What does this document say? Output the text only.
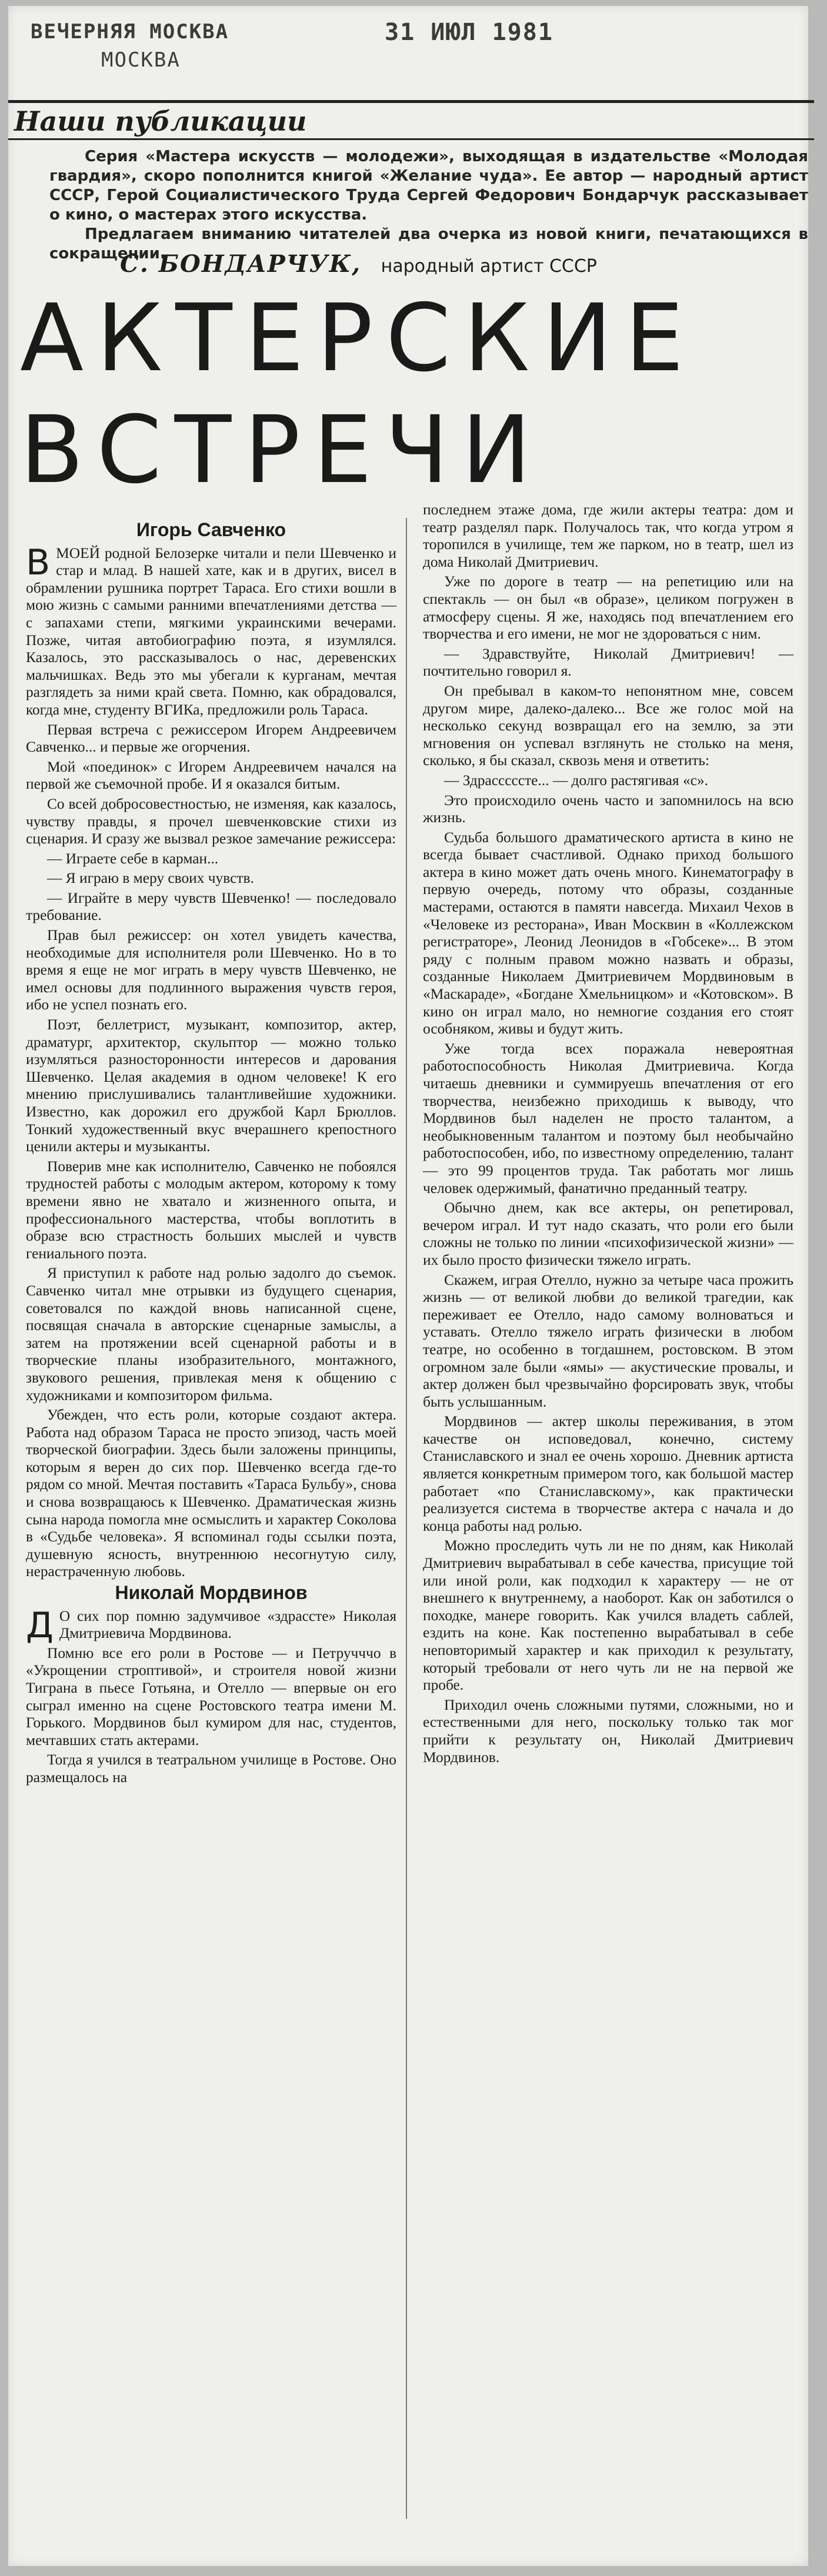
ВЕЧЕРНЯЯ МОСКВА
МОСКВА
31 ИЮЛ 1981
Наши публикации

Серия «Мастера искусств — молодежи», выходящая в издательстве «Молодая гвардия», скоро пополнится книгой «Желание чуда». Ее автор — народный артист СССР, Герой Социалистического Труда Сергей Федорович Бондарчук рассказывает о кино, о мастерах этого искусства.

Предлагаем вниманию читателей два очерка из новой книги, печатающихся в сокращении.

С. БОНДАРЧУК, народный артист СССР
АКТЕРСКИЕ
ВСТРЕЧИ
Игорь Савченко

ВМОЕЙ родной Белозерке читали и пели Шевченко и стар и млад. В нашей хате, как и в других, висел в обрамлении рушника портрет Тараса. Его стихи вошли в мою жизнь с самыми ранними впечатлениями детства — с запахами степи, мягкими украинскими вечерами. Позже, читая автобиографию поэта, я изумлялся. Казалось, это рассказывалось о нас, деревенских мальчишках. Ведь это мы убегали к курганам, мечтая разглядеть за ними край света. Помню, как обрадовался, когда мне, студенту ВГИКа, предложили роль Тараса.

Первая встреча с режиссером Игорем Андреевичем Савченко... и первые же огорчения.

Мой «поединок» с Игорем Андреевичем начался на первой же съемочной пробе. И я оказался битым.

Со всей добросовестностью, не изменяя, как казалось, чувству правды, я прочел шевченковские стихи из сценария. И сразу же вызвал резкое замечание режиссера:

— Играете себе в карман...

— Я играю в меру своих чувств.

— Играйте в меру чувств Шевченко! — последовало требование.

Прав был режиссер: он хотел увидеть качества, необходимые для исполнителя роли Шевченко. Но в то время я еще не мог играть в меру чувств Шевченко, не имел основы для подлинного выражения чувств героя, ибо не успел познать его.

Поэт, беллетрист, музыкант, композитор, актер, драматург, архитектор, скульптор — можно только изумляться разносторонности интересов и дарования Шевченко. Целая академия в одном человеке! К его мнению прислушивались талантливейшие художники. Известно, как дорожил его дружбой Карл Брюллов. Тонкий художественный вкус вчерашнего крепостного ценили актеры и музыканты.

Поверив мне как исполнителю, Савченко не побоялся трудностей работы с молодым актером, которому к тому времени явно не хватало и жизненного опыта, и профессионального мастерства, чтобы воплотить в образе всю страстность больших мыслей и чувств гениального поэта.

Я приступил к работе над ролью задолго до съемок. Савченко читал мне отрывки из будущего сценария, советовался по каждой вновь написанной сцене, посвящая сначала в авторские сценарные замыслы, а затем на протяжении всей сценарной работы и в творческие планы изобразительного, монтажного, звукового решения, привлекая меня к общению с художниками и композитором фильма.

Убежден, что есть роли, которые создают актера. Работа над образом Тараса не просто эпизод, часть моей творческой биографии. Здесь были заложены принципы, которым я верен до сих пор. Шевченко всегда где-то рядом со мной. Мечтая поставить «Тараса Бульбу», снова и снова возвращаюсь к Шевченко. Драматическая жизнь сына народа помогла мне осмыслить и характер Соколова в «Судьбе человека». Я вспоминал годы ссылки поэта, душевную ясность, внутреннюю несогнутую силу, нерастраченную любовь.

Николай Мордвинов

Д О сих пор помню задумчивое «здрассте» Николая Дмитриевича Мордвинова.

Помню все его роли в Ростове — и Петручччо в «Укрощении строптивой», и строителя новой жизни Тиграна в пьесе Готьяна, и Отелло — впервые он его сыграл именно на сцене Ростовского театра имени М. Горького. Мордвинов был кумиром для нас, студентов, мечтавших стать актерами.

Тогда я учился в театральном училище в Ростове. Оно размещалось на

последнем этаже дома, где жили актеры театра: дом и театр разделял парк. Получалось так, что когда утром я торопился в училище, тем же парком, но в театр, шел из дома Николай Дмитриевич.

Уже по дороге в театр — на репетицию или на спектакль — он был «в образе», целиком погружен в атмосферу сцены. Я же, находясь под впечатлением его творчества и его имени, не мог не здороваться с ним.

— Здравствуйте, Николай Дмитриевич! — почтительно говорил я.

Он пребывал в каком-то непонятном мне, совсем другом мире, далеко-далеко... Все же голос мой на несколько секунд возвращал его на землю, за эти мгновения он успевал взглянуть не столько на меня, сколько, я бы сказал, сквозь меня и ответить:

— Здрасссссте... — долго растягивая «с».

Это происходило очень часто и запомнилось на всю жизнь.

Судьба большого драматического артиста в кино не всегда бывает счастливой. Однако приход большого актера в кино может дать очень много. Кинематографу в первую очередь, потому что образы, созданные мастерами, остаются в памяти навсегда. Михаил Чехов в «Человеке из ресторана», Иван Москвин в «Коллежском регистраторе», Леонид Леонидов в «Гобсеке»... В этом ряду с полным правом можно назвать и образы, созданные Николаем Дмитриевичем Мордвиновым в «Маскараде», «Богдане Хмельницком» и «Котовском». В кино он играл мало, но немногие создания его стоят особняком, живы и будут жить.

Уже тогда всех поражала невероятная работоспособность Николая Дмитриевича. Когда читаешь дневники и суммируешь впечатления от его творчества, неизбежно приходишь к выводу, что Мордвинов был наделен не просто талантом, а необыкновенным талантом и поэтому был необычайно работоспособен, ибо, по известному определению, талант — это 99 процентов труда. Так работать мог лишь человек одержимый, фанатично преданный театру.

Обычно днем, как все актеры, он репетировал, вечером играл. И тут надо сказать, что роли его были сложны не только по линии «психофизической жизни» — их было просто физически тяжело играть.

Скажем, играя Отелло, нужно за четыре часа прожить жизнь — от великой любви до великой трагедии, как переживает ее Отелло, надо самому волноваться и уставать. Отелло тяжело играть физически в любом театре, но особенно в тогдашнем, ростовском. В этом огромном зале были «ямы» — акустические провалы, и актер должен был чрезвычайно форсировать звук, чтобы быть услышанным.

Мордвинов — актер школы переживания, в этом качестве он исповедовал, конечно, систему Станиславского и знал ее очень хорошо. Дневник артиста является конкретным примером того, как большой мастер работает «по Станиславскому», как практически реализуется система в творчестве актера с начала и до конца работы над ролью.

Можно проследить чуть ли не по дням, как Николай Дмитриевич вырабатывал в себе качества, присущие той или иной роли, как подходил к характеру — не от внешнего к внутреннему, а наоборот. Как он заботился о походке, манере говорить. Как учился владеть саблей, ездить на коне. Как постепенно вырабатывал в себе неповторимый характер и как приходил к результату, который требовали от него чуть ли не на первой же пробе.

Приходил очень сложными путями, сложными, но и естественными для него, поскольку только так мог прийти к результату он, Николай Дмитриевич Мордвинов.
